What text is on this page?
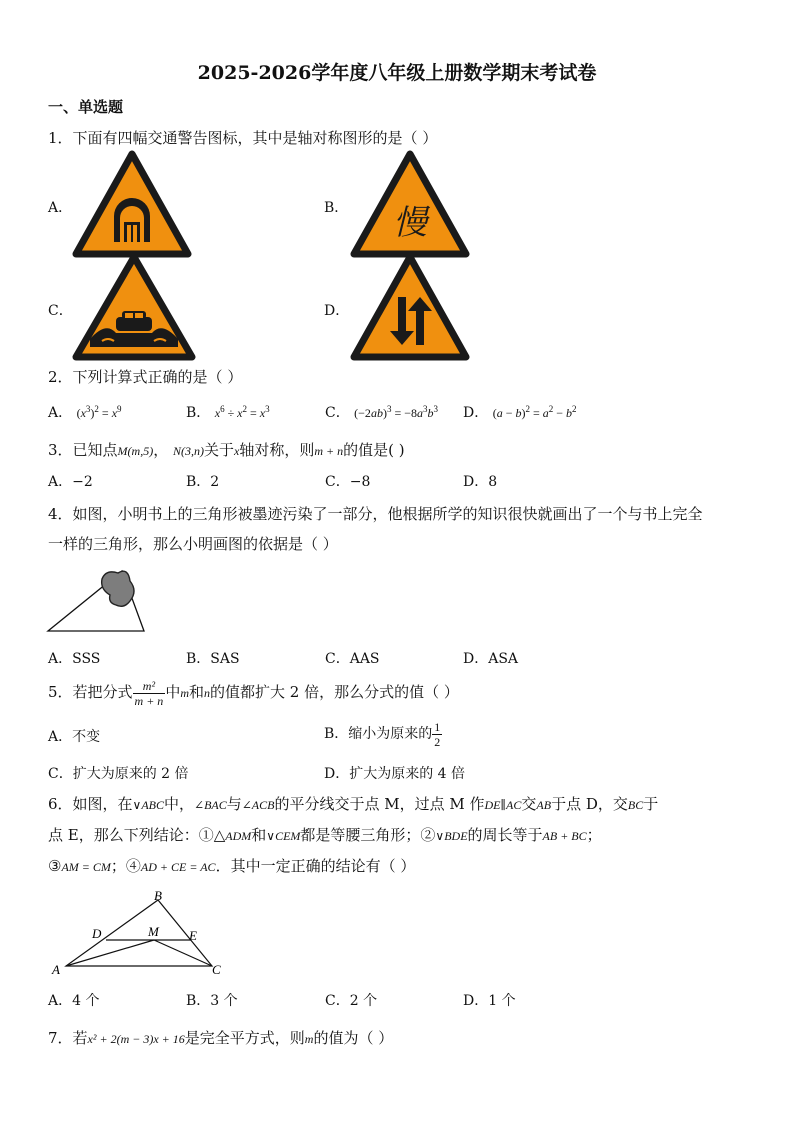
2025-2026学年度八年级上册数学期末考试卷
一、单选题
1．下面有四幅交通警告图标，其中是轴对称图形的是（ ）
A．	B．
C．	D．
慢
2．下列计算式正确的是（ ）
A． $(x^3)^2 = x^9$	B． $x^6 \div x^2 = x^3$	C． $(-2ab)^3 = -8a^3b^3$ D． $(a - b)^2 = a^2 - b^2$
3．已知点M(m,5)， N(3,n)关于x轴对称，则m + n的值是( )
A．−2	B．2	C．−8	D．8
4．如图，小明书上的三角形被墨迹污染了一部分，他根据所学的知识很快就画出了一个与书上完全
一样的三角形，那么小明画图的依据是（ ）
A．SSS	B．SAS	C．AAS	D．ASA
5．若把分式 $\frac{\text{m²}}{m + n}$ 中m和n的值都扩大 2 倍，那么分式的值（ ）
A．不变	B．缩小为原来的 $\frac{1}{2}$
C．扩大为原来的 2 倍	D．扩大为原来的 4 倍
6．如图，在∨ABC中，∠BAC与∠ACB的平分线交于点 M，过点 M 作DE∥AC交AB于点 D，交BC于
点 E，那么下列结论：①△ADM和∨CEM都是等腰三角形；②∨BDE的周长等于AB + BC；
③AM = CM；④AD + CE = AC．其中一定正确的结论有（ ）
B
A	C
D	E
M
A．4 个	B．3 个	C．2 个	D．1 个
7．若x² + 2(m − 3)x + 16是完全平方式，则m的值为（ ）
